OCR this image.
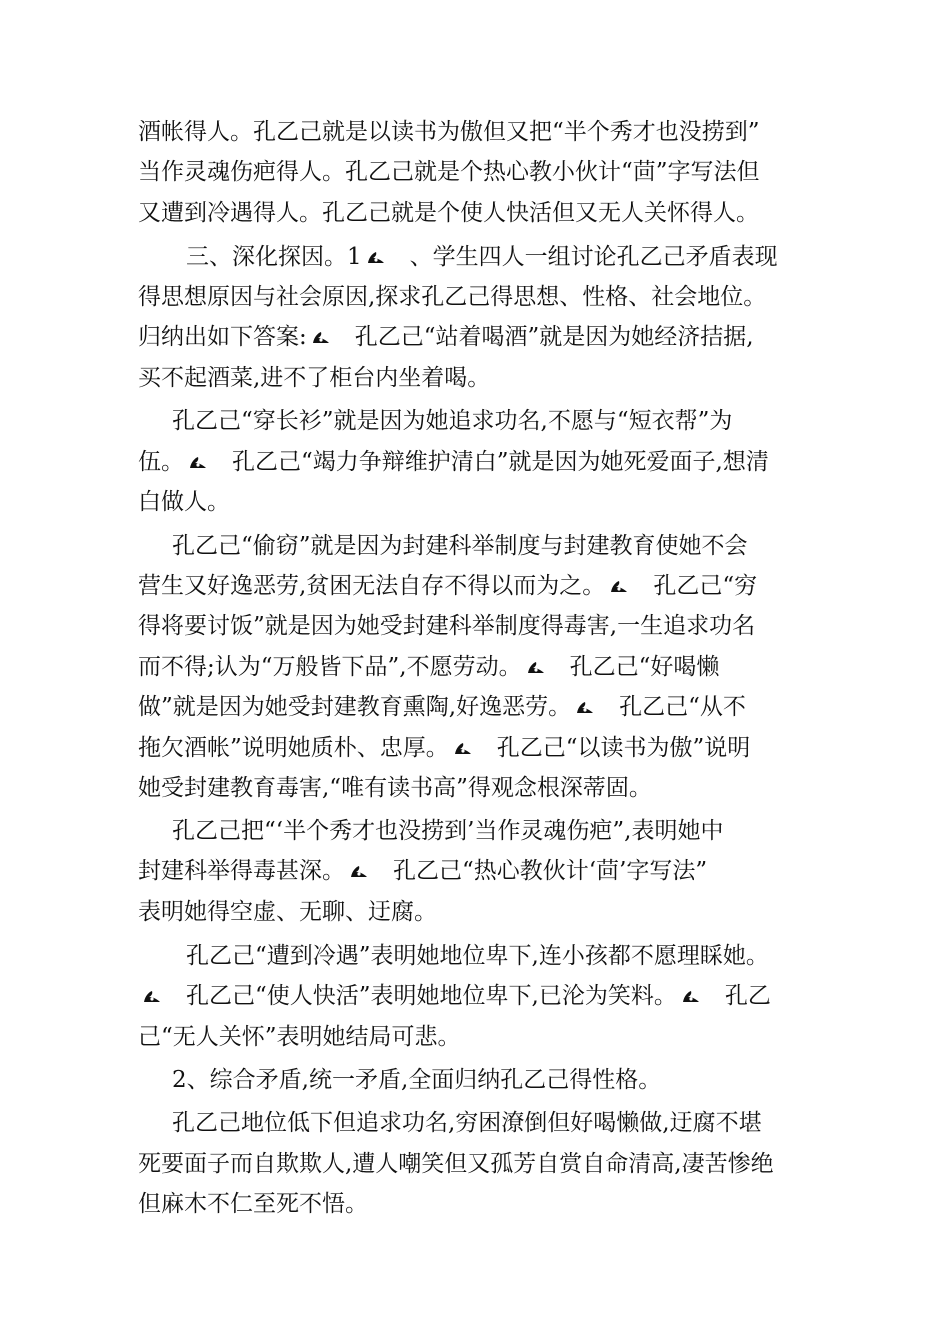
酒帐得人。孔乙己就是以读书为傲但又把“半个秀才也没捞到”
当作灵魂伤疤得人。孔乙己就是个热心教小伙计“茴”字写法但
又遭到冷遇得人。孔乙己就是个使人快活但又无人关怀得人。
三、深化探因。1 、学生四人一组讨论孔乙己矛盾表现
得思想原因与社会原因,探求孔乙己得思想、性格、社会地位。
归纳出如下答案: 孔乙己“站着喝酒”就是因为她经济拮据,
买不起酒菜,进不了柜台内坐着喝。
孔乙己“穿长衫”就是因为她追求功名,不愿与“短衣帮”为
伍。 孔乙己“竭力争辩维护清白”就是因为她死爱面子,想清
白做人。
孔乙己“偷窃”就是因为封建科举制度与封建教育使她不会
营生又好逸恶劳,贫困无法自存不得以而为之。 孔乙己“穷
得将要讨饭”就是因为她受封建科举制度得毒害,一生追求功名
而不得;认为“万般皆下品”,不愿劳动。 孔乙己“好喝懒
做”就是因为她受封建教育熏陶,好逸恶劳。 孔乙己“从不
拖欠酒帐”说明她质朴、忠厚。 孔乙己“以读书为傲”说明
她受封建教育毒害,“唯有读书高”得观念根深蒂固。
孔乙己把“‘半个秀才也没捞到’当作灵魂伤疤”,表明她中
封建科举得毒甚深。 孔乙己“热心教伙计‘茴’字写法”
表明她得空虚、无聊、迂腐。
孔乙己“遭到冷遇”表明她地位卑下,连小孩都不愿理睬她。
孔乙己“使人快活”表明她地位卑下,已沦为笑料。 孔乙
己“无人关怀”表明她结局可悲。
2、综合矛盾,统一矛盾,全面归纳孔乙己得性格。
孔乙己地位低下但追求功名,穷困潦倒但好喝懒做,迂腐不堪
死要面子而自欺欺人,遭人嘲笑但又孤芳自赏自命清高,凄苦惨绝
但麻木不仁至死不悟。
